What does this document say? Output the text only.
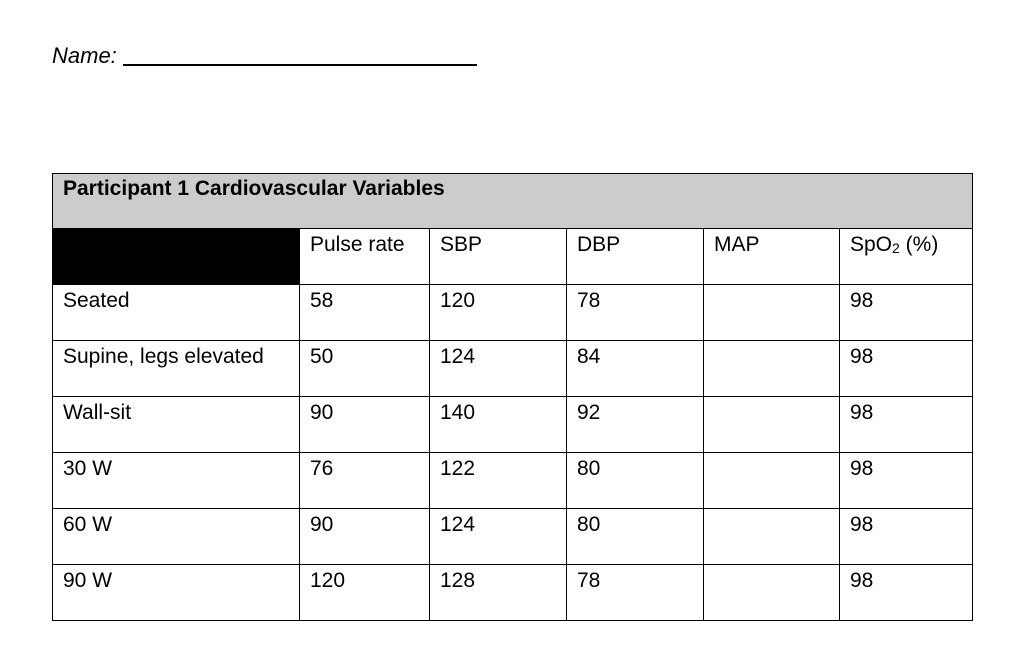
Name:
Participant 1 Cardiovascular Variables					
	Pulse rate	SBP	DBP	MAP	SpO$_2$ (%)
Seated	58	120	78		98
Supine, legs elevated	50	124	84		98
Wall-sit	90	140	92		98
30 W	76	122	80		98
60 W	90	124	80		98
90 W	120	128	78		98
